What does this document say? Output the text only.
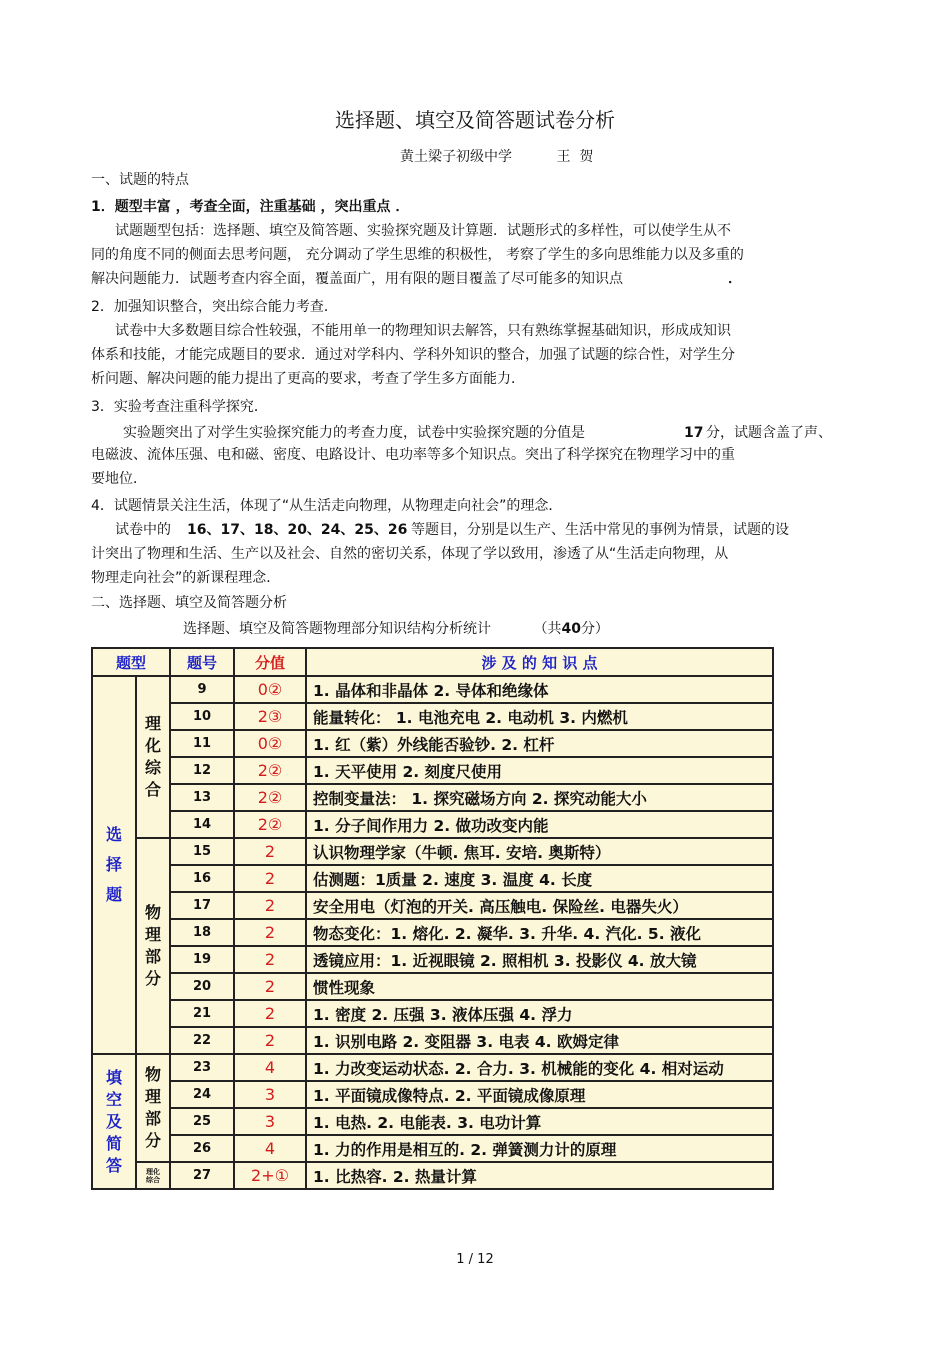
选择题、填空及简答题试卷分析
黄土梁子初级中学          王  贺
一、试题的特点
1．题型丰富 ，考查全面，注重基础 ，突出重点 ．
试题题型包括：选择题、填空及简答题、实验探究题及计算题．试题形式的多样性，可以使学生从不
同的角度不同的侧面去思考问题， 充分调动了学生思维的积极性， 考察了学生的多向思维能力以及多重的
解决问题能力．试题考查内容全面，覆盖面广，用有限的题目覆盖了尽可能多的知识点	．
2．加强知识整合，突出综合能力考查．
试卷中大多数题目综合性较强，不能用单一的物理知识去解答，只有熟练掌握基础知识，形成成知识
体系和技能，才能完成题目的要求．通过对学科内、学科外知识的整合，加强了试题的综合性，对学生分
析问题、解决问题的能力提出了更高的要求，考查了学生多方面能力．
3．实验考查注重科学探究．
实验题突出了对学生实验探究能力的考查力度，试卷中实验探究题的分值是	17 分，试题含盖了声、
电磁波、流体压强、电和磁、密度、电路设计、电功率等多个知识点。突出了科学探究在物理学习中的重
要地位．
4．试题情景关注生活，体现了“从生活走向物理，从物理走向社会”的理念．
试卷中的 16、17、18、20、24、25、26 等题目，分别是以生产、生活中常见的事例为情景，试题的设
计突出了物理和生活、生产以及社会、自然的密切关系，体现了学以致用，渗透了从“生活走向物理，从
物理走向社会”的新课程理念．
二、选择题、填空及简答题分析
选择题、填空及简答题物理部分知识结构分析统计	（共40分）
题型		题号	分值	涉 及 的 知 识 点
选择题	理化综合	9	0②	1. 晶体和非晶体 2. 导体和绝缘体
		10	2③	能量转化： 1. 电池充电 2. 电动机 3. 内燃机
		11	0②	1. 红（紫）外线能否验钞. 2. 杠杆
		12	2②	1. 天平使用 2. 刻度尺使用
		13	2②	控制变量法： 1. 探究磁场方向 2. 探究动能大小
		14	2②	1. 分子间作用力 2. 做功改变内能
	物理部分	15	2	认识物理学家（牛顿. 焦耳. 安培. 奥斯特）
		16	2	估测题：1质量 2. 速度 3. 温度 4. 长度
		17	2	安全用电（灯泡的开关. 高压触电. 保险丝. 电器失火）
		18	2	物态变化：1. 熔化. 2. 凝华. 3. 升华. 4. 汽化. 5. 液化
		19	2	透镜应用：1. 近视眼镜 2. 照相机 3. 投影仪 4. 放大镜
		20	2	惯性现象
		21	2	1. 密度 2. 压强 3. 液体压强 4. 浮力
		22	2	1. 识别电路 2. 变阻器 3. 电表 4. 欧姆定律
填空及简答	物理部分	23	4	1. 力改变运动状态. 2. 合力. 3. 机械能的变化 4. 相对运动
		24	3	1. 平面镜成像特点. 2. 平面镜成像原理
		25	3	1. 电热. 2. 电能表. 3. 电功计算
		26	4	1. 力的作用是相互的. 2. 弹簧测力计的原理
	理化综合	27	2+①	1. 比热容. 2. 热量计算
1 / 12
